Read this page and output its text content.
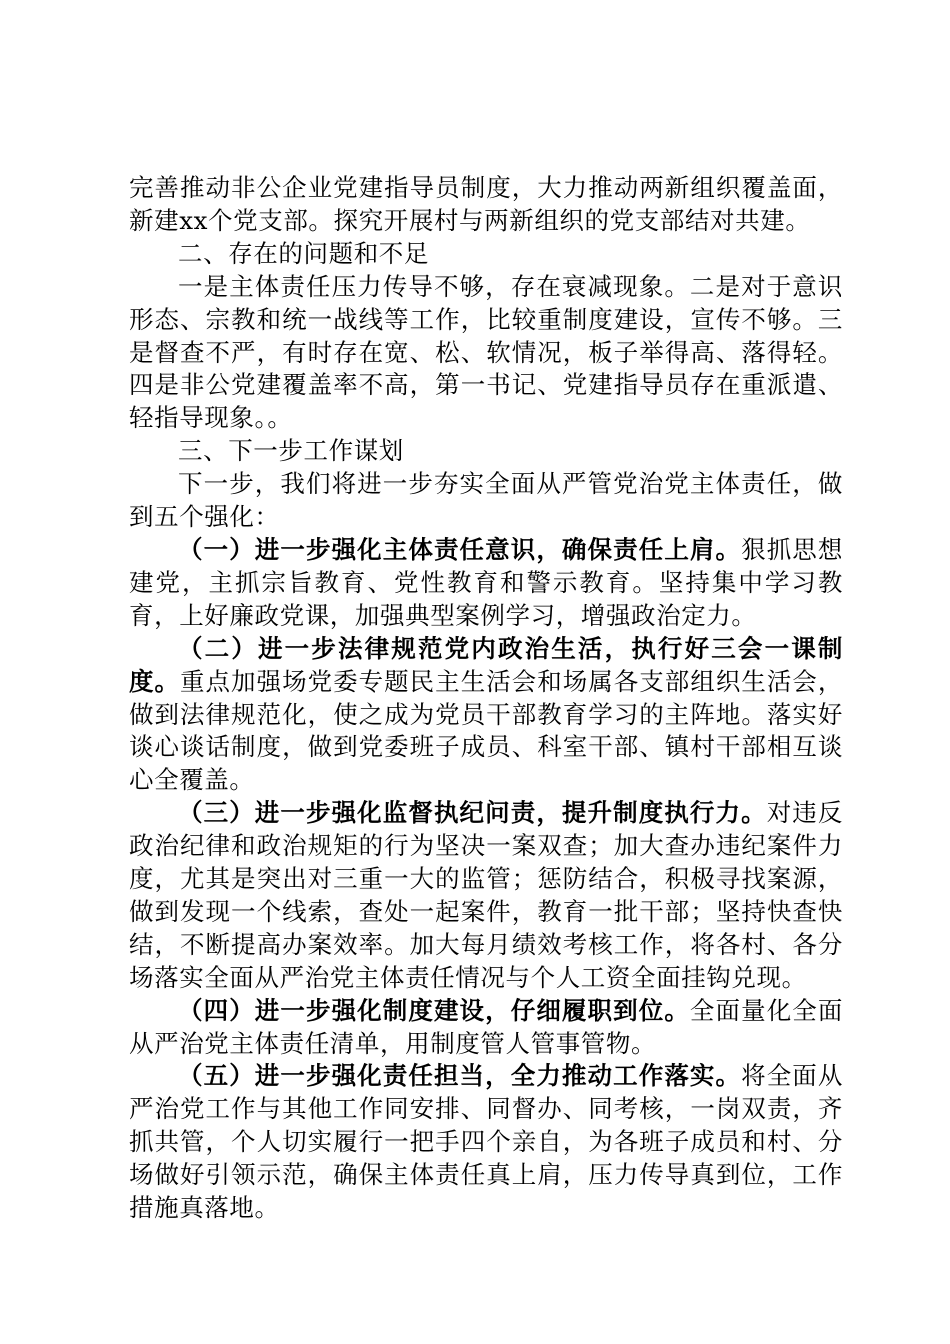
完善推动非公企业党建指导员制度，大力推动两新组织覆盖面，新建xx个党支部。探究开展村与两新组织的党支部结对共建。

二、存在的问题和不足

一是主体责任压力传导不够，存在衰减现象。二是对于意识形态、宗教和统一战线等工作，比较重制度建设，宣传不够。三是督查不严，有时存在宽、松、软情况，板子举得高、落得轻。四是非公党建覆盖率不高，第一书记、党建指导员存在重派遣、轻指导现象。。

三、下一步工作谋划

下一步，我们将进一步夯实全面从严管党治党主体责任，做到五个强化：

（一）进一步强化主体责任意识，确保责任上肩。狠抓思想建党，主抓宗旨教育、党性教育和警示教育。坚持集中学习教育，上好廉政党课，加强典型案例学习，增强政治定力。

（二）进一步法律规范党内政治生活，执行好三会一课制度。重点加强场党委专题民主生活会和场属各支部组织生活会，做到法律规范化，使之成为党员干部教育学习的主阵地。落实好谈心谈话制度，做到党委班子成员、科室干部、镇村干部相互谈心全覆盖。

（三）进一步强化监督执纪问责，提升制度执行力。对违反政治纪律和政治规矩的行为坚决一案双查；加大查办违纪案件力度，尤其是突出对三重一大的监管；惩防结合，积极寻找案源，做到发现一个线索，查处一起案件，教育一批干部；坚持快查快结，不断提高办案效率。加大每月绩效考核工作，将各村、各分场落实全面从严治党主体责任情况与个人工资全面挂钩兑现。

（四）进一步强化制度建设，仔细履职到位。全面量化全面从严治党主体责任清单，用制度管人管事管物。

（五）进一步强化责任担当，全力推动工作落实。将全面从严治党工作与其他工作同安排、同督办、同考核，一岗双责，齐抓共管，个人切实履行一把手四个亲自，为各班子成员和村、分场做好引领示范，确保主体责任真上肩，压力传导真到位，工作措施真落地。
